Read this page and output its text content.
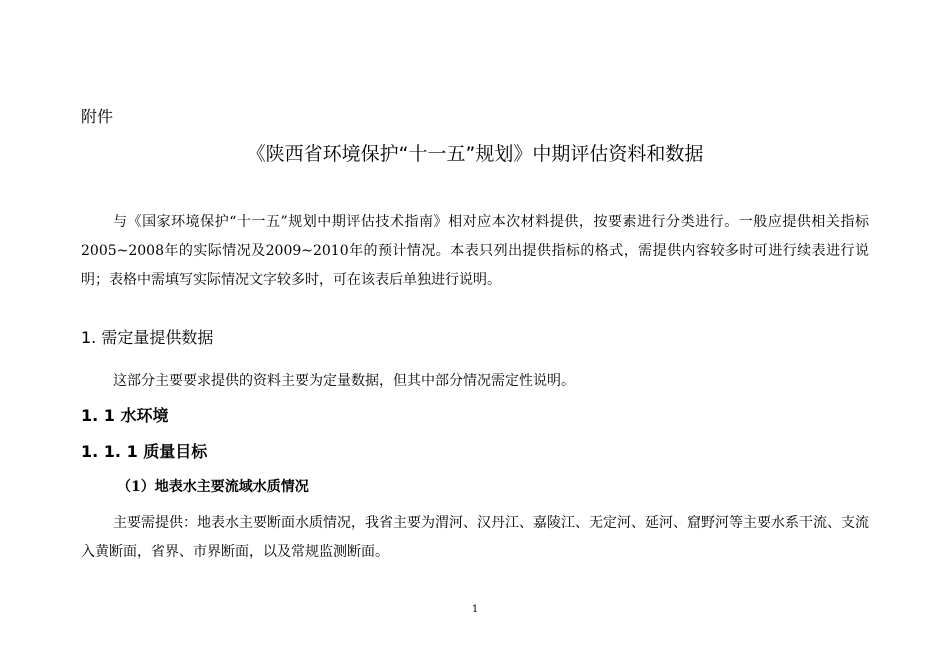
附件
《陕西省环境保护“十一五”规划》中期评估资料和数据

与《国家环境保护“十一五”规划中期评估技术指南》相对应本次材料提供，按要素进行分类进行。一般应提供相关指标2005~2008年的实际情况及2009~2010年的预计情况。本表只列出提供指标的格式，需提供内容较多时可进行续表进行说明；表格中需填写实际情况文字较多时，可在该表后单独进行说明。

1. 需定量提供数据

这部分主要要求提供的资料主要为定量数据，但其中部分情况需定性说明。

1. 1 水环境
1. 1. 1 质量目标
（1）地表水主要流域水质情况

主要需提供：地表水主要断面水质情况，我省主要为渭河、汉丹江、嘉陵江、无定河、延河、窟野河等主要水系干流、支流入黄断面，省界、市界断面，以及常规监测断面。

1
